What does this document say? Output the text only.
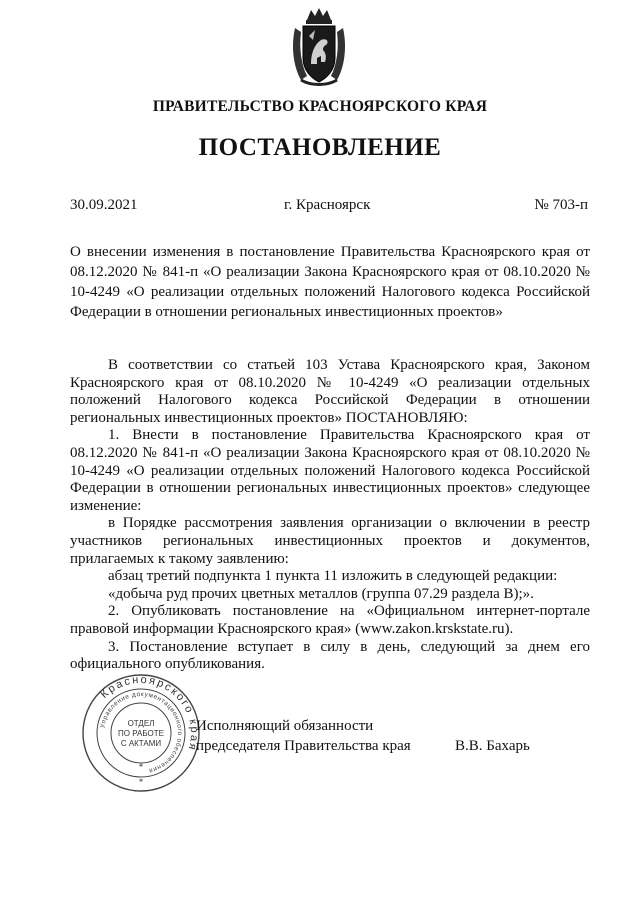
ПРАВИТЕЛЬСТВО КРАСНОЯРСКОГО КРАЯ
ПОСТАНОВЛЕНИЕ
30.09.2021	г. Красноярск	№ 703-п
О внесении изменения в постановление Правительства Красноярского края от 08.12.2020 № 841-п «О реализации Закона Красноярского края от 08.10.2020 № 10-4249 «О реализации отдельных положений Налогового кодекса Российской Федерации в отношении региональных инвестиционных проектов»

В соответствии со статьей 103 Устава Красноярского края, Законом Красноярского края от 08.10.2020 № 10-4249 «О реализации отдельных положений Налогового кодекса Российской Федерации в отношении региональных инвестиционных проектов» ПОСТАНОВЛЯЮ:

1. Внести в постановление Правительства Красноярского края от 08.12.2020 № 841-п «О реализации Закона Красноярского края от 08.10.2020 № 10-4249 «О реализации отдельных положений Налогового кодекса Российской Федерации в отношении региональных инвестиционных проектов» следующее изменение:

в Порядке рассмотрения заявления организации о включении в реестр участников региональных инвестиционных проектов и документов, прилагаемых к такому заявлению:

абзац третий подпункта 1 пункта 11 изложить в следующей редакции:

«добыча руд прочих цветных металлов (группа 07.29 раздела B);».

2. Опубликовать постановление на «Официальном интернет-портале правовой информации Красноярского края» (www.zakon.krskstate.ru).

3. Постановление вступает в силу в день, следующий за днем его официального опубликования.

Красноярского края
Управление документационного обеспечения
ОТДЕЛ
ПО РАБОТЕ
С АКТАМИ
*
*
Исполняющий обязанности
председателя Правительства края	В.В. Бахарь
